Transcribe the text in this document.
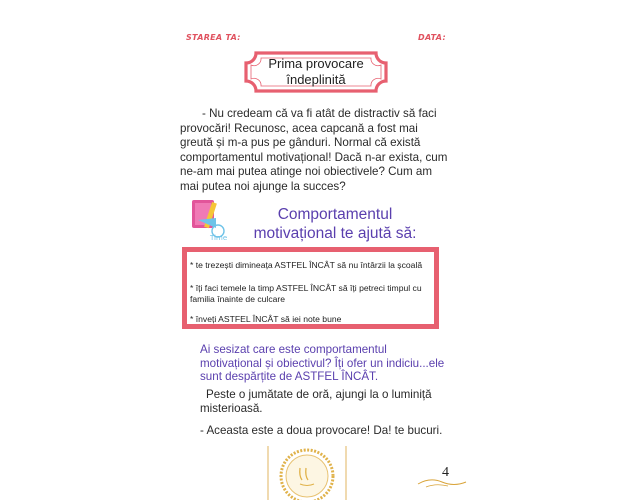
STAREA TA:	DATA:
Prima provocare
îndeplinită
- Nu credeam că va fi atât de distractiv să faci provocări! Recunosc, acea capcană a fost mai greută și m-a pus pe gânduri. Normal că există comportamentul motivațional! Dacă n-ar exista, cum ne-am mai putea atinge noi obiectivele? Cum am mai putea noi ajunge la succes?
Time
Comportamentul
motivațional te ajută să:
* te trezești dimineața ASTFEL ÎNCÂT să nu întârzii la școală
* îți faci temele la timp ASTFEL ÎNCÂT să îți petreci timpul cu familia înainte de culcare
* înveți ASTFEL ÎNCÂT să iei note bune
Ai sesizat care este comportamentul motivațional și obiectivul? Îți ofer un indiciu...ele sunt despărțite de ASTFEL ÎNCÂT.
Peste o jumătate de oră, ajungi la o luminiță misterioasă.
- Aceasta este a doua provocare! Da! te bucuri.
4
